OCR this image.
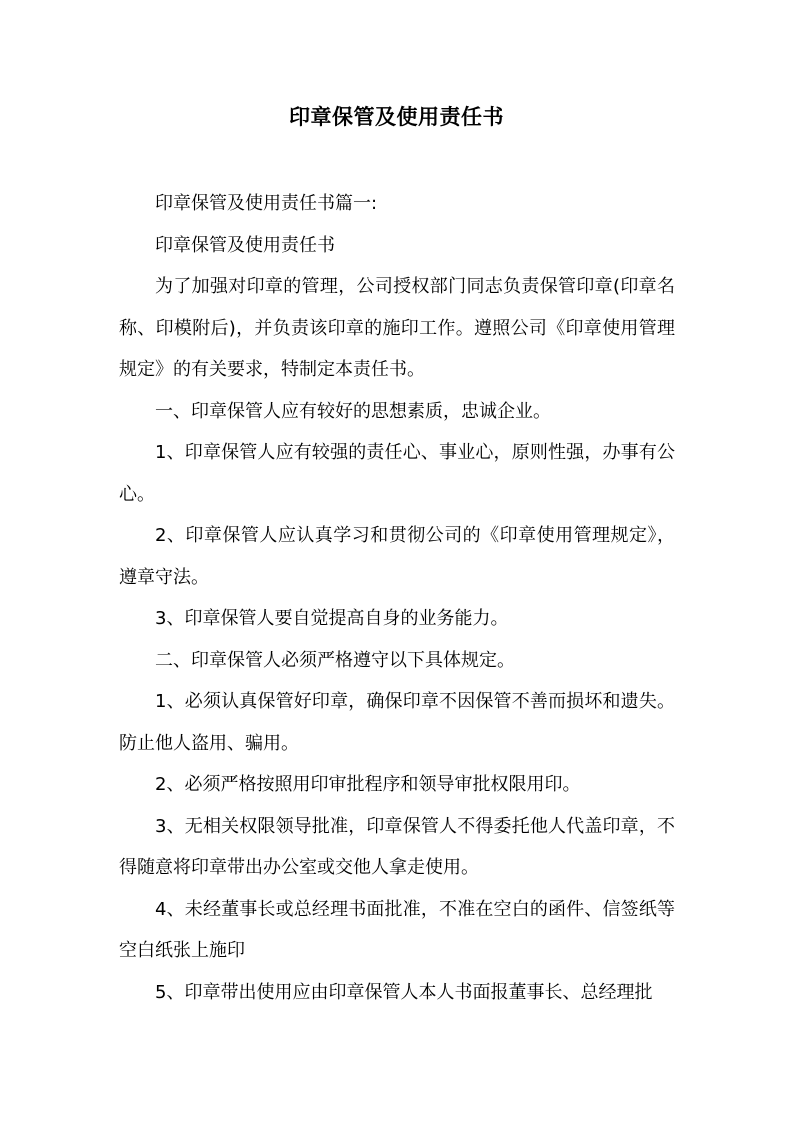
印章保管及使用责任书

印章保管及使用责任书篇一:

印章保管及使用责任书

为了加强对印章的管理，公司授权部门同志负责保管印章(印章名称、印模附后)，并负责该印章的施印工作。遵照公司《印章使用管理规定》的有关要求，特制定本责任书。

一、印章保管人应有较好的思想素质，忠诚企业。

1、印章保管人应有较强的责任心、事业心，原则性强，办事有公心。

2、印章保管人应认真学习和贯彻公司的《印章使用管理规定》，遵章守法。

3、印章保管人要自觉提高自身的业务能力。

二、印章保管人必须严格遵守以下具体规定。

1、必须认真保管好印章，确保印章不因保管不善而损坏和遗失。防止他人盗用、骗用。

2、必须严格按照用印审批程序和领导审批权限用印。

3、无相关权限领导批准，印章保管人不得委托他人代盖印章，不得随意将印章带出办公室或交他人拿走使用。

4、未经董事长或总经理书面批准，不准在空白的函件、信签纸等空白纸张上施印

5、印章带出使用应由印章保管人本人书面报董事长、总经理批
